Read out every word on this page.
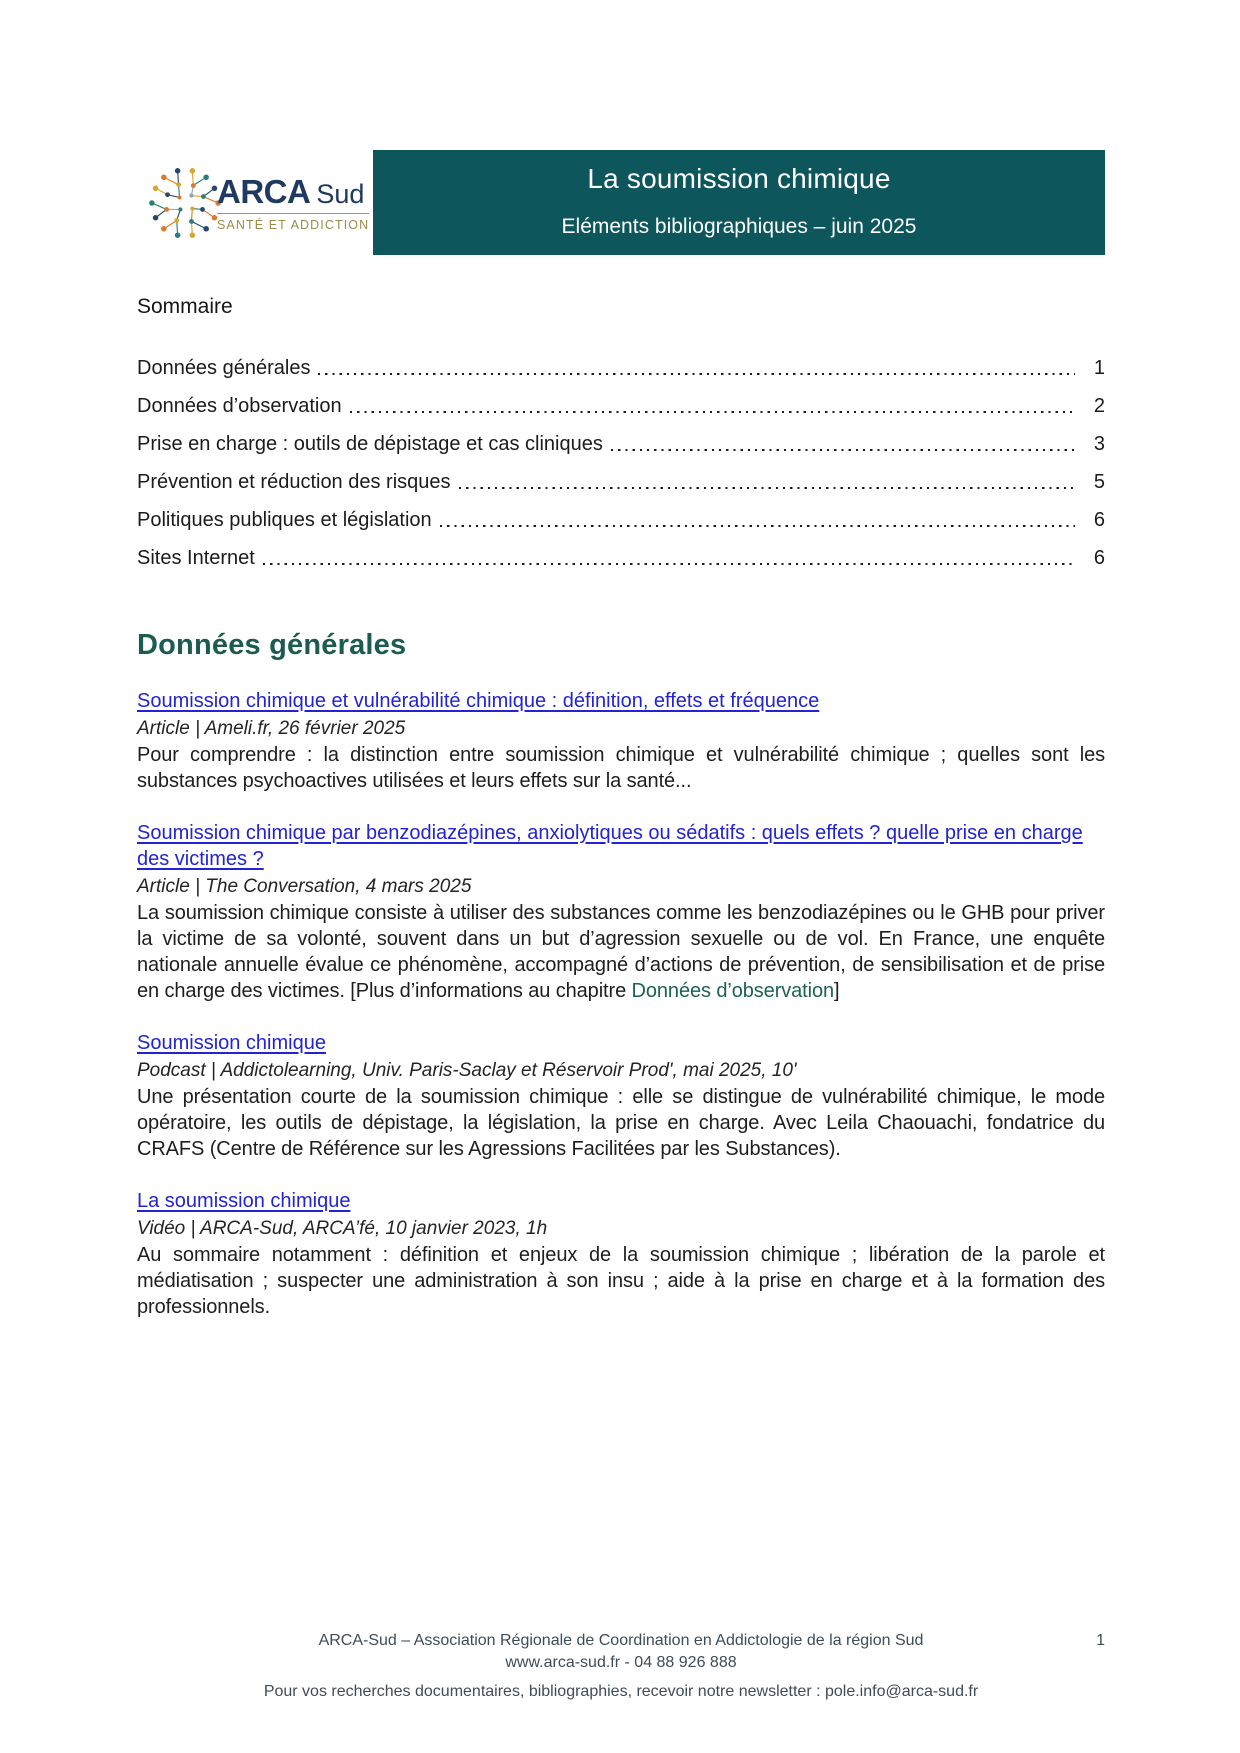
ARCA Sud
SANTÉ ET ADDICTION
La soumission chimique
Eléments bibliographiques – juin 2025
Sommaire
Données générales	1
Données d’observation	2
Prise en charge : outils de dépistage et cas cliniques	3
Prévention et réduction des risques	5
Politiques publiques et législation	6
Sites Internet	6
Données générales
Soumission chimique et vulnérabilité chimique : définition, effets et fréquence
Article | Ameli.fr, 26 février 2025

Pour comprendre : la distinction entre soumission chimique et vulnérabilité chimique ; quelles sont les substances psychoactives utilisées et leurs effets sur la santé...

Soumission chimique par benzodiazépines, anxiolytiques ou sédatifs : quels effets ? quelle prise en charge des victimes ?
Article | The Conversation, 4 mars 2025

La soumission chimique consiste à utiliser des substances comme les benzodiazépines ou le GHB pour priver la victime de sa volonté, souvent dans un but d’agression sexuelle ou de vol. En France, une enquête nationale annuelle évalue ce phénomène, accompagné d’actions de prévention, de sensibilisation et de prise en charge des victimes. [Plus d’informations au chapitre Données d’observation]

Soumission chimique
Podcast | Addictolearning, Univ. Paris-Saclay et Réservoir Prod', mai 2025, 10'

Une présentation courte de la soumission chimique : elle se distingue de vulnérabilité chimique, le mode opératoire, les outils de dépistage, la législation, la prise en charge. Avec Leila Chaouachi, fondatrice du CRAFS (Centre de Référence sur les Agressions Facilitées par les Substances).

La soumission chimique
Vidéo | ARCA-Sud, ARCA’fé, 10 janvier 2023, 1h

Au sommaire notamment : définition et enjeux de la soumission chimique ; libération de la parole et médiatisation ; suspecter une administration à son insu ; aide à la prise en charge et à la formation des professionnels.

ARCA-Sud – Association Régionale de Coordination en Addictologie de la région Sud	1
www.arca-sud.fr - 04 88 926 888
Pour vos recherches documentaires, bibliographies, recevoir notre newsletter : pole.info@arca-sud.fr
